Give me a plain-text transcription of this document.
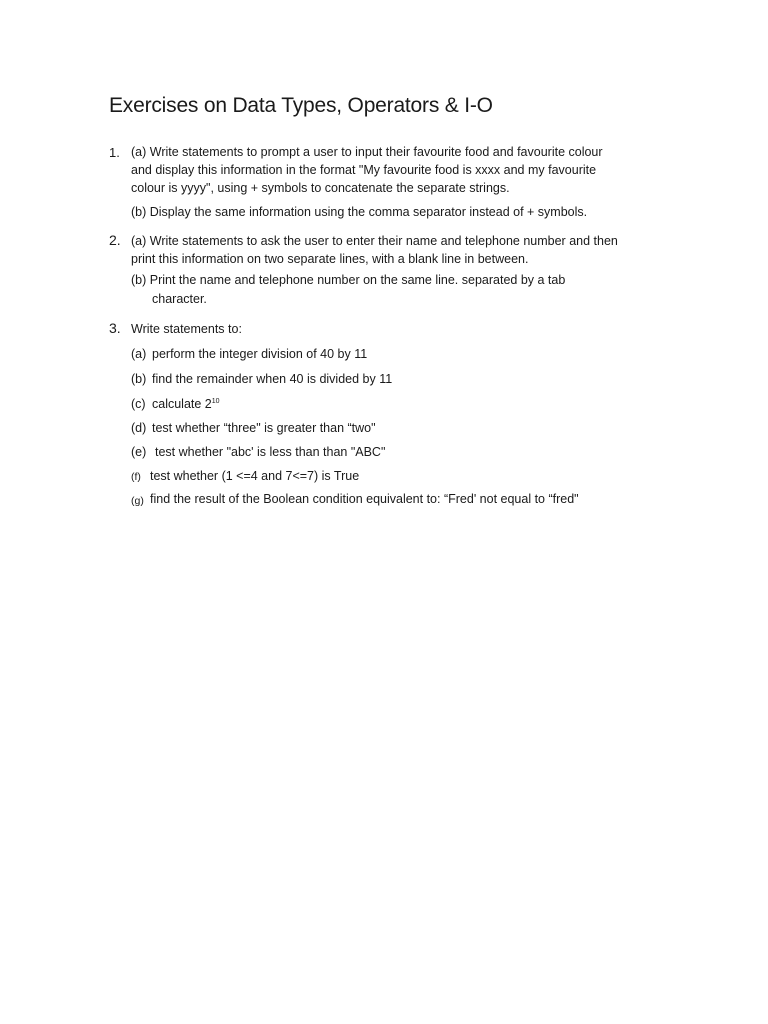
Exercises on Data Types, Operators & I-O
1. (a) Write statements to prompt a user to input their favourite food and favourite colour
and display this information in the format "My favourite food is xxxx and my favourite
colour is yyyy", using + symbols to concatenate the separate strings.
(b) Display the same information using the comma separator instead of + symbols.
2. (a) Write statements to ask the user to enter their name and telephone number and then
print this information on two separate lines, with a blank line in between.
(b) Print the name and telephone number on the same line. separated by a tab
character.
3. Write statements to:
(a) perform the integer division of 40 by 11
(b) find the remainder when 40 is divided by 11
(c) calculate $2^{10}$
(d) test whether “three" is greater than “two"
(e) test whether "abc' is less than than "ABC"
(f) test whether (1 <=4 and 7<=7) is True
(g) find the result of the Boolean condition equivalent to: “Fred' not equal to “fred"
